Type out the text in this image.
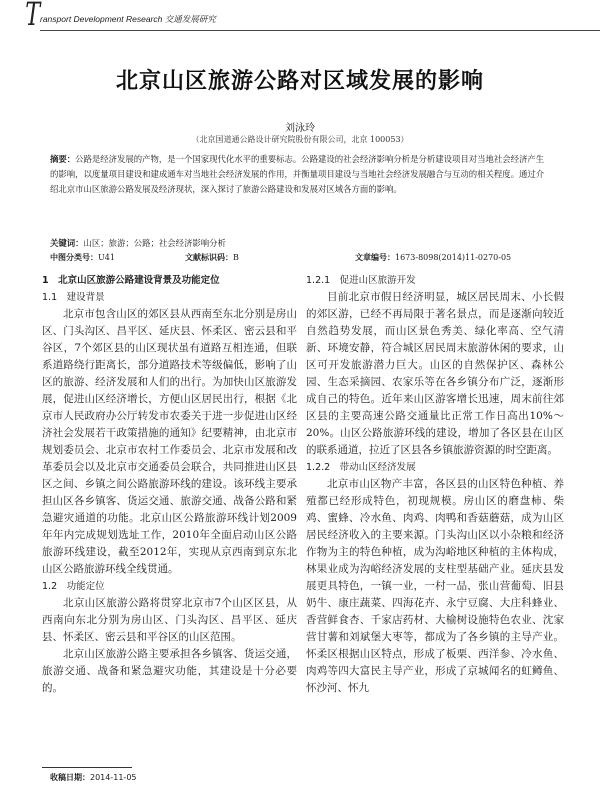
T ransport Development Research 交通发展研究
北京山区旅游公路对区域发展的影响
刘泳玲
（北京国道通公路设计研究院股份有限公司，北京 100053）
摘要：公路是经济发展的产物，是一个国家现代化水平的重要标志。公路建设的社会经济影响分析是分析建设项目对当地社会经济产生的影响，以度量项目建设和建成通车对当地社会经济发展的作用，并衡量项目建设与当地社会经济发展融合与互动的相关程度。通过介绍北京市山区旅游公路发展及经济现状，深入探讨了旅游公路建设和发展对区域各方面的影响。
关键词：山区；旅游；公路；社会经济影响分析
中图分类号：U41	文献标识码：B	文章编号：1673-8098(2014)11-0270-05
1　北京山区旅游公路建设背景及功能定位
1.1　建设背景

北京市包含山区的郊区县从西南至东北分别是房山区、门头沟区、昌平区、延庆县、怀柔区、密云县和平谷区，7个郊区县的山区现状虽有道路互相连通，但联系道路绕行距离长，部分道路技术等级偏低，影响了山区的旅游、经济发展和人们的出行。为加快山区旅游发展，促进山区经济增长，方便山区居民出行，根据《北京市人民政府办公厅转发市农委关于进一步促进山区经济社会发展若干政策措施的通知》纪要精神，由北京市规划委员会、北京市农村工作委员会、北京市发展和改革委员会以及北京市交通委员会联合，共同推进山区县区之间、乡镇之间公路旅游环线的建设。该环线主要承担山区各乡镇客、货运交通、旅游交通、战备公路和紧急避灾通道的功能。北京山区公路旅游环线计划2009年年内完成规划选址工作，2010年全面启动山区公路旅游环线建设，截至2012年，实现从京西南到京东北山区公路旅游环线全线贯通。

1.2　功能定位

北京山区旅游公路将贯穿北京市7个山区区县，从西南向东北分别为房山区、门头沟区、昌平区、延庆县、怀柔区、密云县和平谷区的山区范围。

北京山区旅游公路主要承担各乡镇客、货运交通，旅游交通、战备和紧急避灾功能，其建设是十分必要的。

1.2.1　促进山区旅游开发

目前北京市假日经济明显，城区居民周末、小长假的郊区游，已经不再局限于著名景点，而是逐渐向较近自然趋势发展，而山区景色秀美、绿化率高、空气清新、环境安静，符合城区居民周末旅游休闲的要求，山区可开发旅游潜力巨大。山区的自然保护区、森林公园、生态采摘园、农家乐等在各乡镇分布广泛，逐渐形成自己的特色。近年来山区游客增长迅速，周末前往郊区县的主要高速公路交通量比正常工作日高出10%～20%。山区公路旅游环线的建设，增加了各区县在山区的联系通道，拉近了区县各乡镇旅游资源的时空距离。

1.2.2　带动山区经济发展

北京市山区物产丰富，各区县的山区特色种植、养殖都已经形成特色，初现规模。房山区的磨盘柿、柴鸡、蜜蜂、冷水鱼、肉鸡、肉鸭和香菇蘑菇，成为山区居民经济收入的主要来源。门头沟山区以小杂粮和经济作物为主的特色种植，成为沟峪地区种植的主体构成，林果业成为沟峪经济发展的支柱型基础产业。延庆县发展更具特色，一镇一业，一村一品，张山营葡萄、旧县奶牛、康庄蔬菜、四海花卉、永宁豆腐、大庄科蜂业、香营鲜食杏、千家店药材、大榆树设施特色农业、沈家营甘薯和刘斌堡大枣等，都成为了各乡镇的主导产业。怀柔区根据山区特点，形成了板栗、西洋参、冷水鱼、肉鸡等四大富民主导产业，形成了京城闻名的虹鳟鱼、怀沙河、怀九

收稿日期：2014-11-05
